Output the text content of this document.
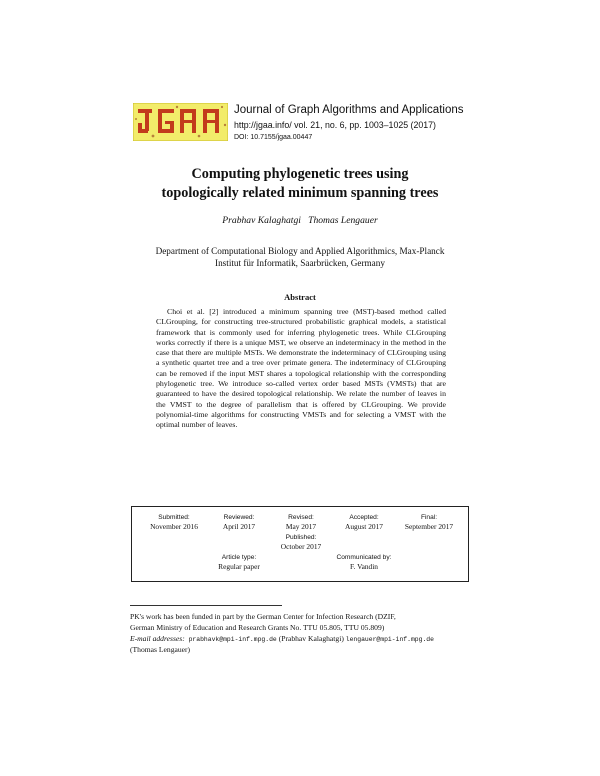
Journal of Graph Algorithms and Applications
http://jgaa.info/ vol. 21, no. 6, pp. 1003–1025 (2017)
DOI: 10.7155/jgaa.00447
Computing phylogenetic trees using
topologically related minimum spanning trees
Prabhav Kalaghatgi Thomas Lengauer
Department of Computational Biology and Applied Algorithmics, Max-Planck
Institut für Informatik, Saarbrücken, Germany
Abstract

Choi et al. [2] introduced a minimum spanning tree (MST)-based method called CLGrouping, for constructing tree-structured probabilistic graphical models, a statistical framework that is commonly used for inferring phylogenetic trees. While CLGrouping works correctly if there is a unique MST, we observe an indeterminacy in the method in the case that there are multiple MSTs. We demonstrate the indeterminacy of CLGrouping using a synthetic quartet tree and a tree over primate genera. The indeterminacy of CLGrouping can be removed if the input MST shares a topological relationship with the corresponding phylogenetic tree. We introduce so-called vertex order based MSTs (VMSTs) that are guaranteed to have the desired topological relationship. We relate the number of leaves in the VMST to the degree of parallelism that is offered by CLGrouping. We provide polynomial-time algorithms for constructing VMSTs and for selecting a VMST with the optimal number of leaves.

Submitted:
November 2016
Reviewed:
April 2017
Revised:
May 2017
Accepted:
August 2017
Final:
September 2017
Published:
October 2017
Article type:
Regular paper
Communicated by:
F. Vandin
PK's work has been funded in part by the German Center for Infection Research (DZIF,
German Ministry of Education and Research Grants No. TTU 05.805, TTU 05.809)
E-mail addresses: prabhavk@mpi-inf.mpg.de (Prabhav Kalaghatgi) lengauer@mpi-inf.mpg.de
(Thomas Lengauer)
